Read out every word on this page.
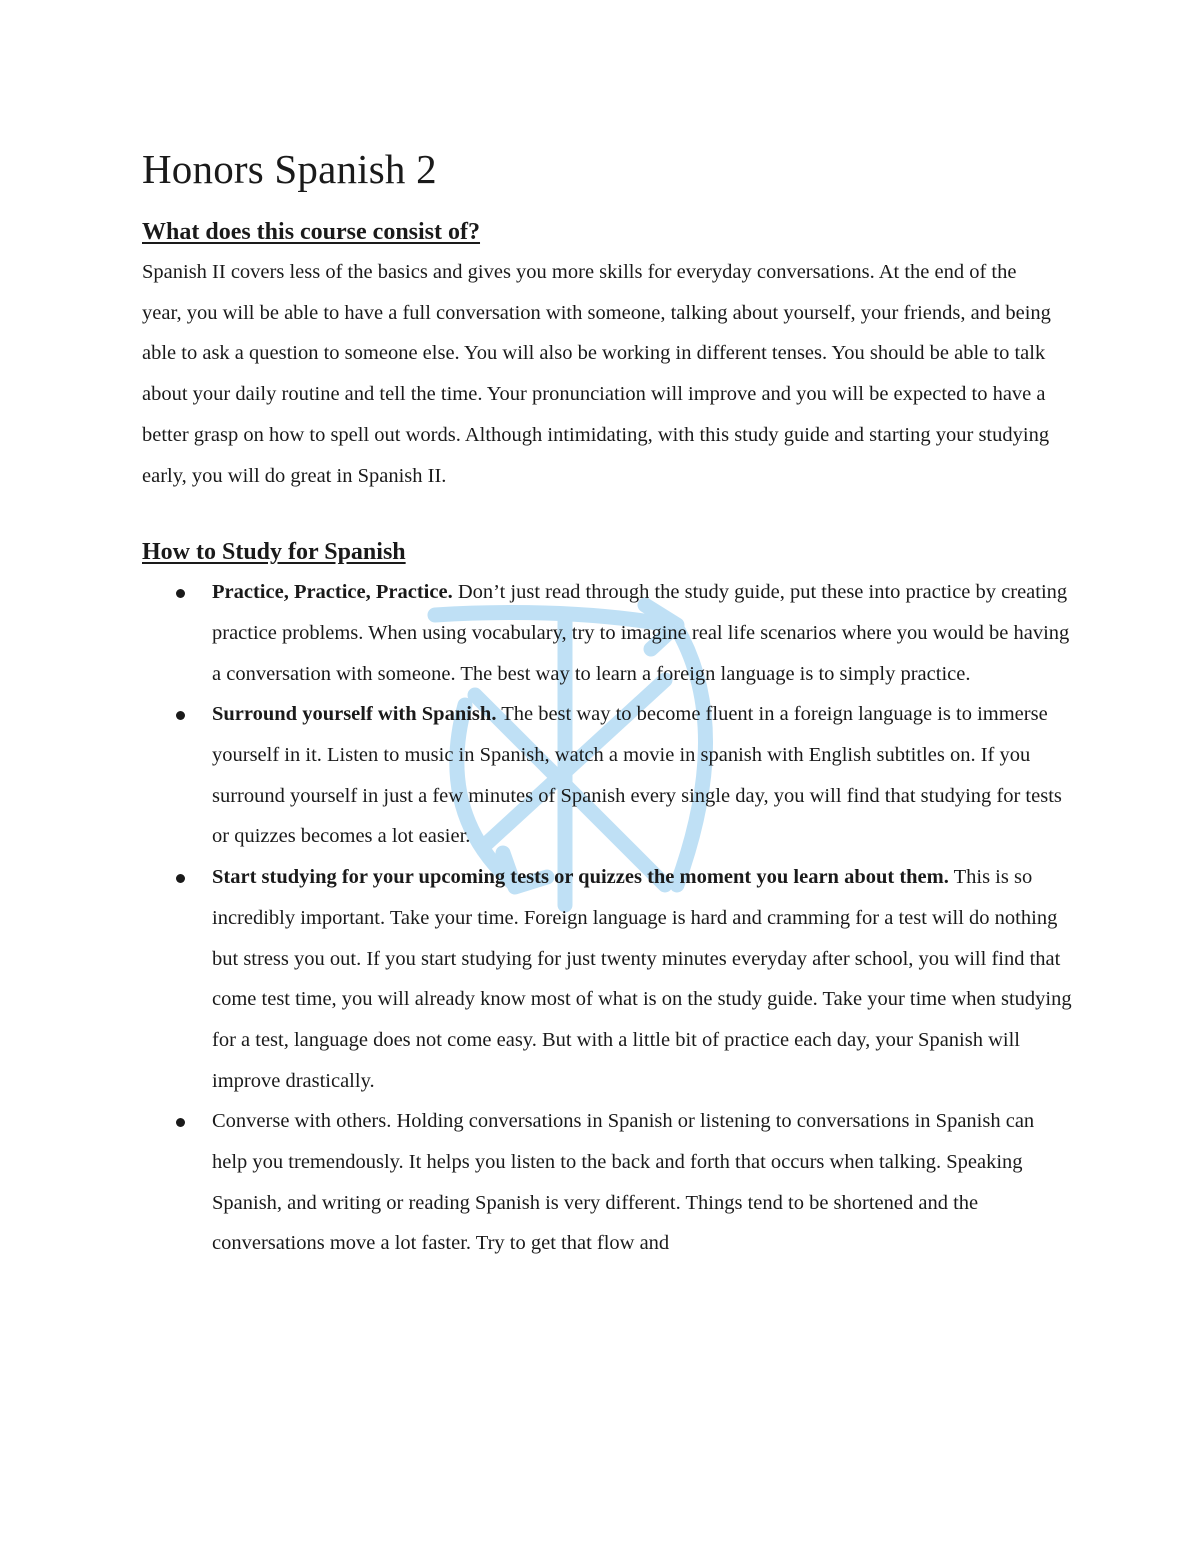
Honors Spanish 2
What does this course consist of?

Spanish II covers less of the basics and gives you more skills for everyday conversations. At the end of the year, you will be able to have a full conversation with someone, talking about yourself, your friends, and being able to ask a question to someone else. You will also be working in different tenses. You should be able to talk about your daily routine and tell the time. Your pronunciation will improve and you will be expected to have a better grasp on how to spell out words. Although intimidating, with this study guide and starting your studying early, you will do great in Spanish II.

How to Study for Spanish
Practice, Practice, Practice. Don’t just read through the study guide, put these into practice by creating practice problems. When using vocabulary, try to imagine real life scenarios where you would be having a conversation with someone. The best way to learn a foreign language is to simply practice.
Surround yourself with Spanish. The best way to become fluent in a foreign language is to immerse yourself in it. Listen to music in Spanish, watch a movie in spanish with English subtitles on. If you surround yourself in just a few minutes of Spanish every single day, you will find that studying for tests or quizzes becomes a lot easier.
Start studying for your upcoming tests or quizzes the moment you learn about them. This is so incredibly important. Take your time. Foreign language is hard and cramming for a test will do nothing but stress you out. If you start studying for just twenty minutes everyday after school, you will find that come test time, you will already know most of what is on the study guide. Take your time when studying for a test, language does not come easy. But with a little bit of practice each day, your Spanish will improve drastically.
Converse with others. Holding conversations in Spanish or listening to conversations in Spanish can help you tremendously. It helps you listen to the back and forth that occurs when talking. Speaking Spanish, and writing or reading Spanish is very different. Things tend to be shortened and the conversations move a lot faster. Try to get that flow and
